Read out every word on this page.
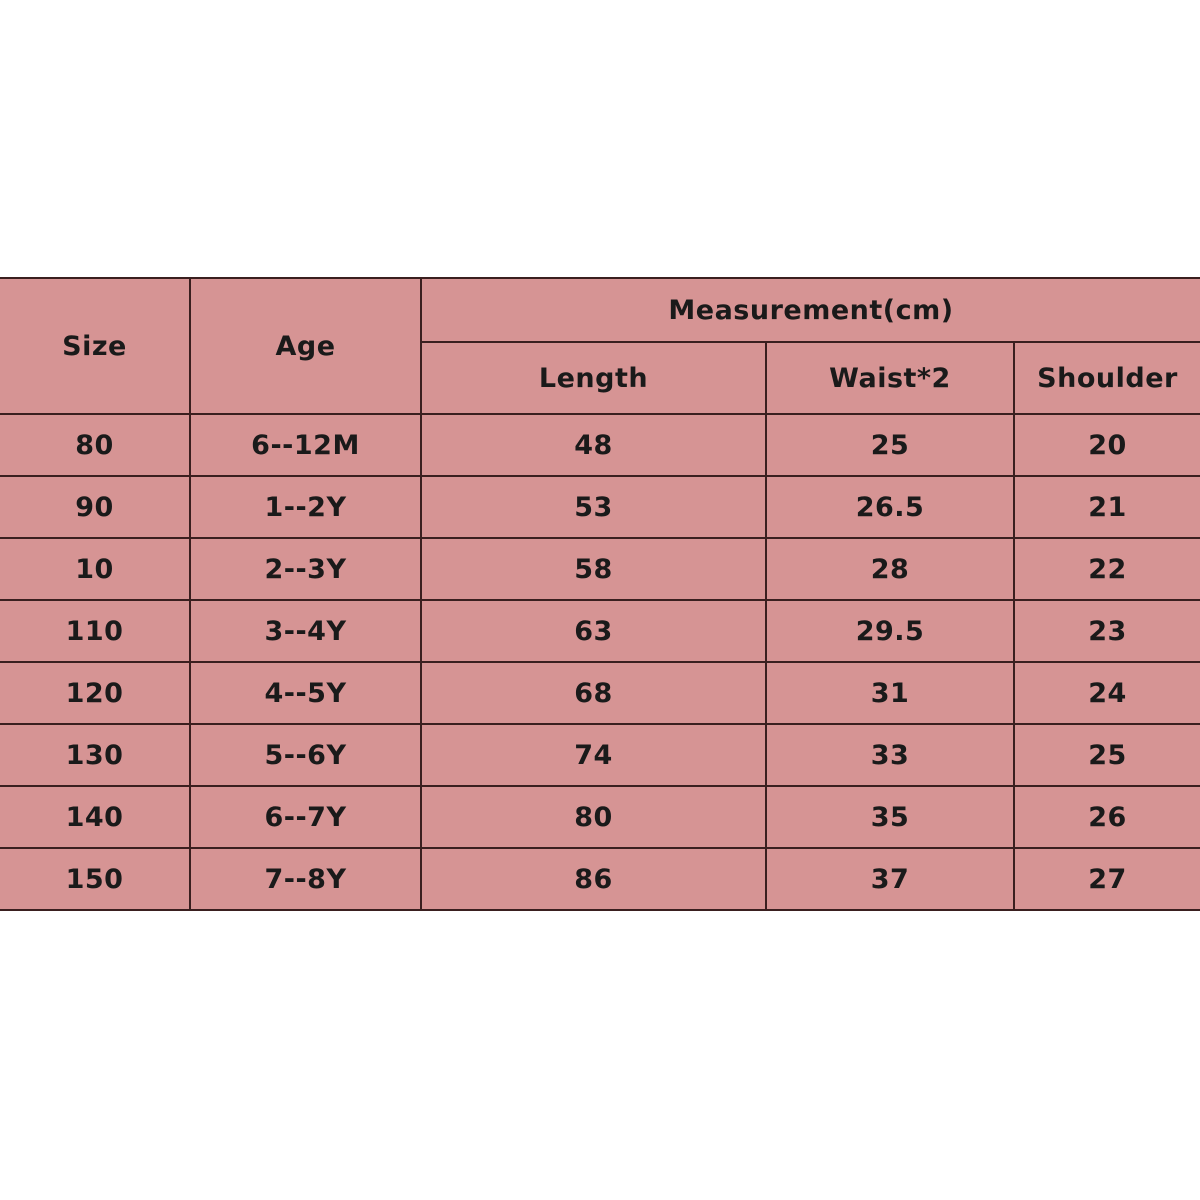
Size	Age	Measurement(cm)		
		Length	Waist*2	Shoulder
80	6--12M	48	25	20
90	1--2Y	53	26.5	21
10	2--3Y	58	28	22
110	3--4Y	63	29.5	23
120	4--5Y	68	31	24
130	5--6Y	74	33	25
140	6--7Y	80	35	26
150	7--8Y	86	37	27
